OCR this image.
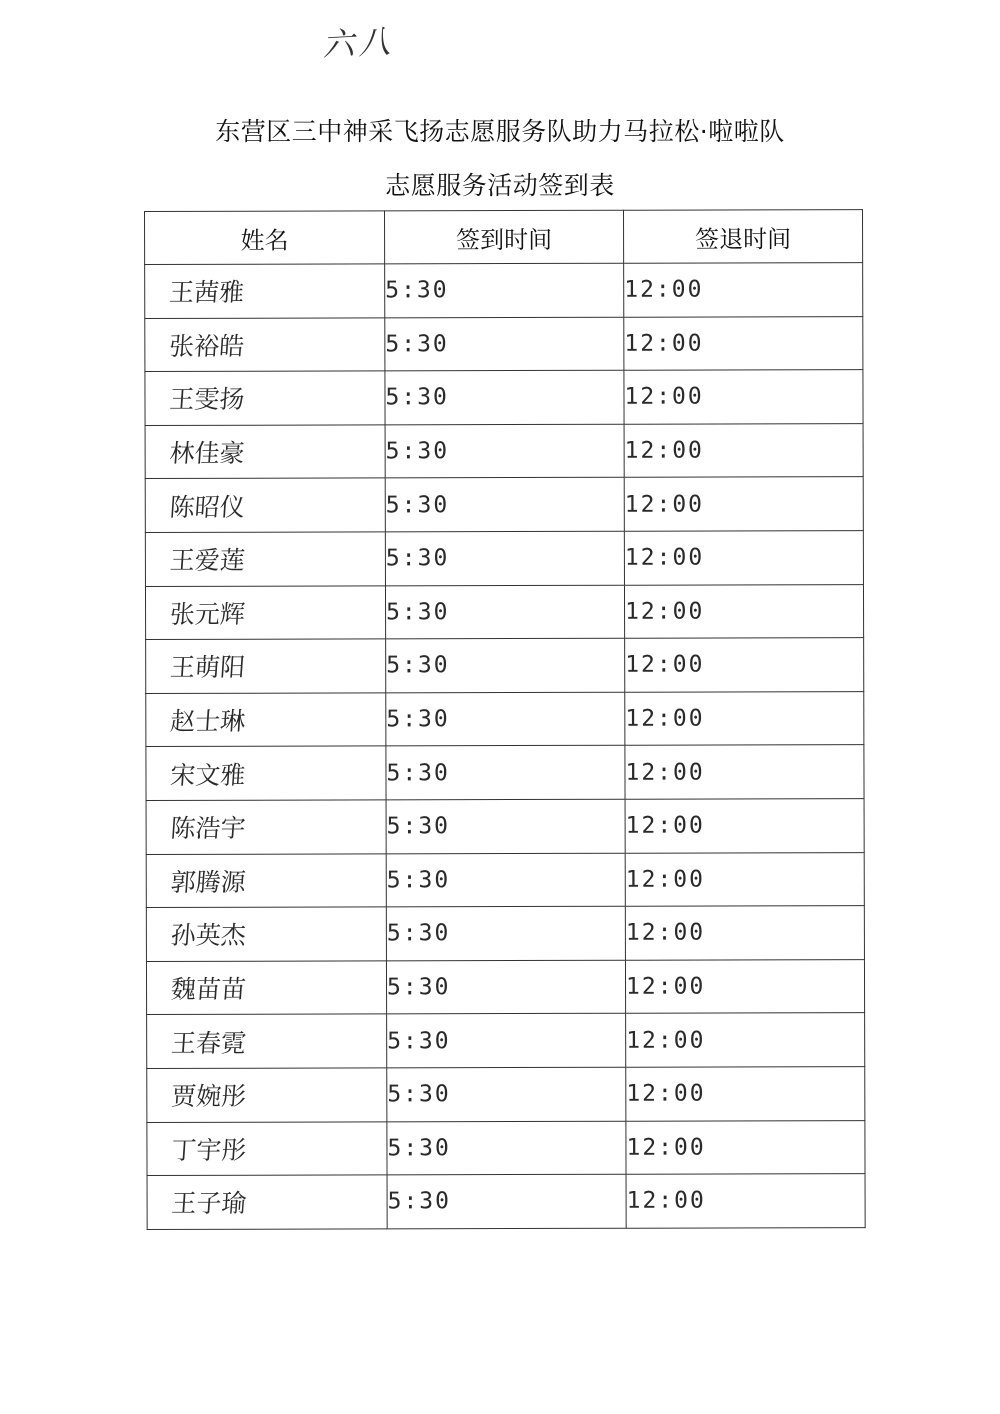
六八
东营区三中神采飞扬志愿服务队助力马拉松·啦啦队
志愿服务活动签到表
姓名	签到时间	签退时间
王茜雅	5:30	12:00
张裕皓	5:30	12:00
王雯扬	5:30	12:00
林佳豪	5:30	12:00
陈昭仪	5:30	12:00
王爱莲	5:30	12:00
张元辉	5:30	12:00
王萌阳	5:30	12:00
赵士琳	5:30	12:00
宋文雅	5:30	12:00
陈浩宇	5:30	12:00
郭腾源	5:30	12:00
孙英杰	5:30	12:00
魏苗苗	5:30	12:00
王春霓	5:30	12:00
贾婉彤	5:30	12:00
丁宇彤	5:30	12:00
王子瑜	5:30	12:00
